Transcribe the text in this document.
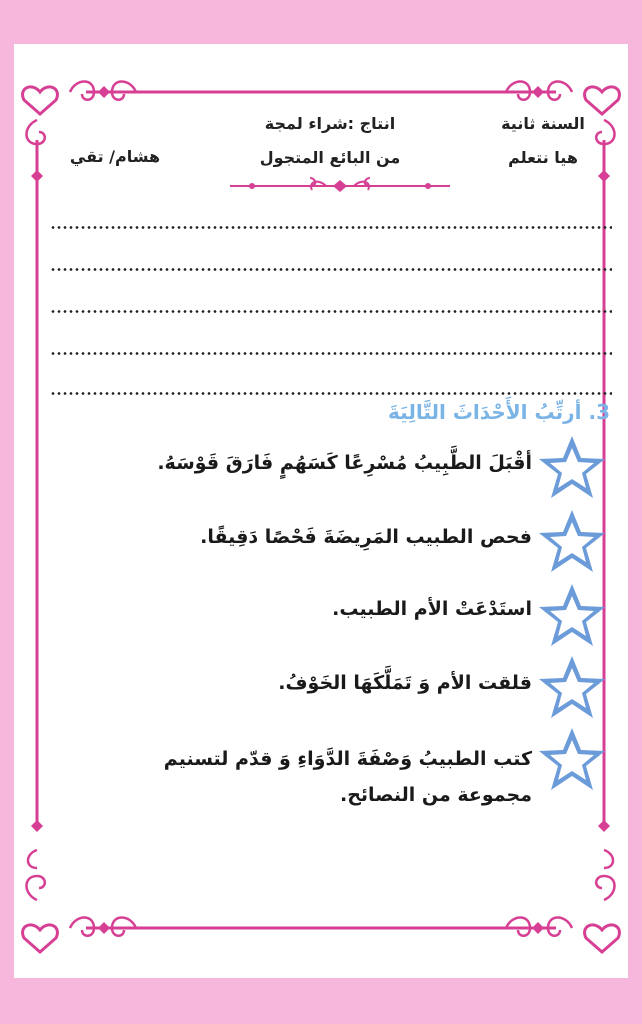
السنة ثانية
هيا نتعلم
انتاج :شراء لمجة
من البائع المتجول
هشام/ تقي
3. أرتِّبُ الأَحْدَاثَ التَّالِيَةَ
أقْبَلَ الطَّبِيبُ مُسْرِعًا كَسَهُمٍ فَارَقَ قَوْسَهُ.
فحص الطبيب المَرِيضَةَ فَحْصًا دَقِيقًا.
استَدْعَتْ الأم الطبيب.
قلقت الأم وَ تَمَلَّكَهَا الخَوْفُ.
كتب الطبيبُ وَصْفَةَ الدَّوَاءِ وَ قدّم لتسنيم
مجموعة من النصائح.
